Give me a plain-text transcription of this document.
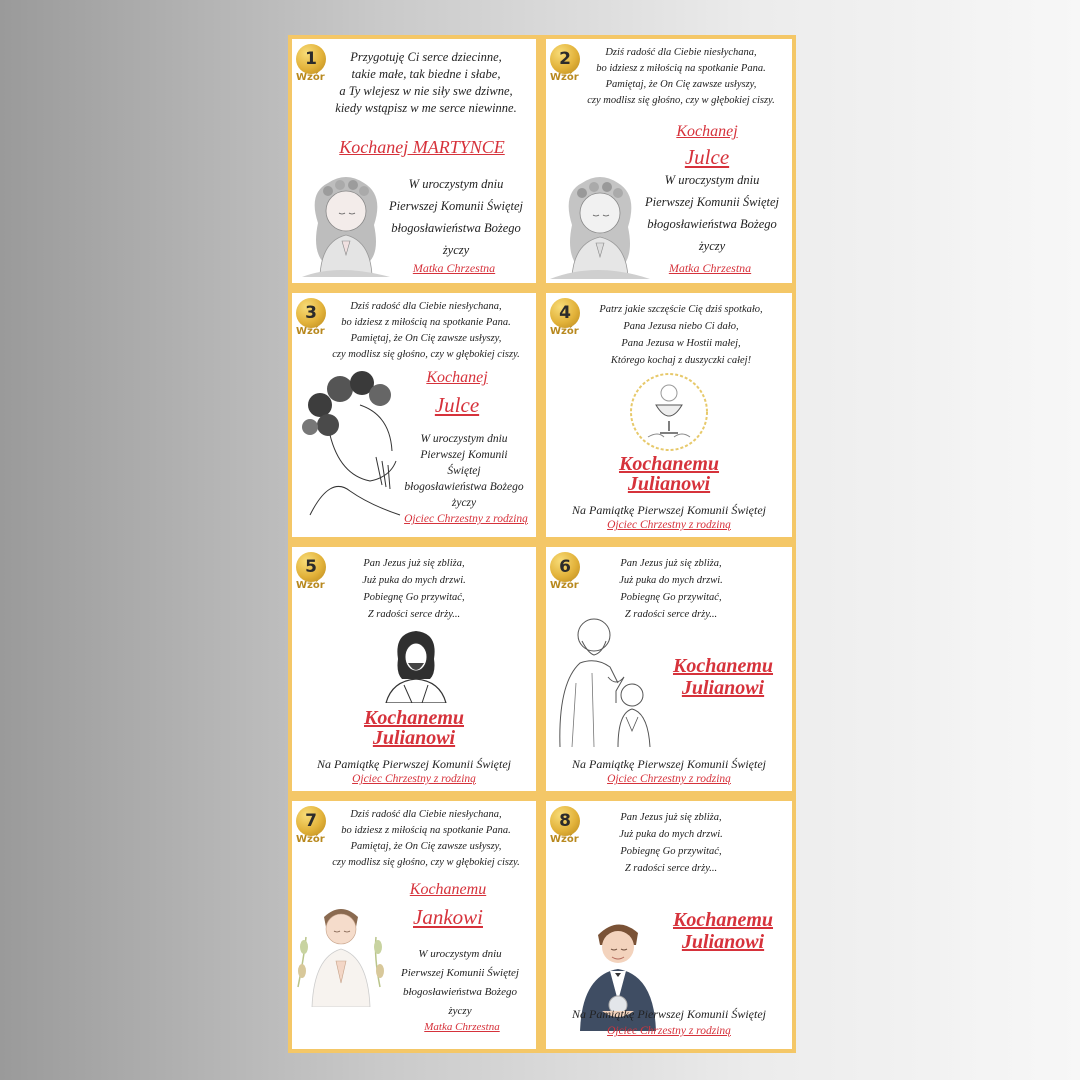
1
Wzór
Przygotuję Ci serce dziecinne,
takie małe, tak biedne i słabe,
a Ty wlejesz w nie siły swe dziwne,
kiedy wstąpisz w me serce niewinne.
Kochanej MARTYNCE
W uroczystym dniu
Pierwszej Komunii Świętej
błogosławieństwa Bożego
życzy
Matka Chrzestna
2
Wzór
Dziś radość dla Ciebie niesłychana,
bo idziesz z miłością na spotkanie Pana.
Pamiętaj, że On Cię zawsze usłyszy,
czy modlisz się głośno, czy w głębokiej ciszy.
Kochanej
Julce
W uroczystym dniu
Pierwszej Komunii Świętej
błogosławieństwa Bożego
życzy
Matka Chrzestna
3
Wzór
Dziś radość dla Ciebie niesłychana,
bo idziesz z miłością na spotkanie Pana.
Pamiętaj, że On Cię zawsze usłyszy,
czy modlisz się głośno, czy w głębokiej ciszy.
Kochanej
Julce
W uroczystym dniu
Pierwszej Komunii
Świętej
błogosławieństwa Bożego
życzy
Ojciec Chrzestny z rodziną
4
Wzór
Patrz jakie szczęście Cię dziś spotkało,
Pana Jezusa niebo Ci dało,
Pana Jezusa w Hostii małej,
Którego kochaj z duszyczki całej!
Kochanemu
Julianowi
Na Pamiątkę Pierwszej Komunii Świętej
Ojciec Chrzestny z rodziną
5
Wzór
Pan Jezus już się zbliża,
Już puka do mych drzwi.
Pobiegnę Go przywitać,
Z radości serce drży...
Kochanemu
Julianowi
Na Pamiątkę Pierwszej Komunii Świętej
Ojciec Chrzestny z rodziną
6
Wzór
Pan Jezus już się zbliża,
Już puka do mych drzwi.
Pobiegnę Go przywitać,
Z radości serce drży...
Kochanemu
Julianowi
Na Pamiątkę Pierwszej Komunii Świętej
Ojciec Chrzestny z rodziną
7
Wzór
Dziś radość dla Ciebie niesłychana,
bo idziesz z miłością na spotkanie Pana.
Pamiętaj, że On Cię zawsze usłyszy,
czy modlisz się głośno, czy w głębokiej ciszy.
Kochanemu
Jankowi
W uroczystym dniu
Pierwszej Komunii Świętej
błogosławieństwa Bożego
życzy
Matka Chrzestna
8
Wzór
Pan Jezus już się zbliża,
Już puka do mych drzwi.
Pobiegnę Go przywitać,
Z radości serce drży...
Kochanemu
Julianowi
Na Pamiątkę Pierwszej Komunii Świętej
Ojciec Chrzestny z rodziną
